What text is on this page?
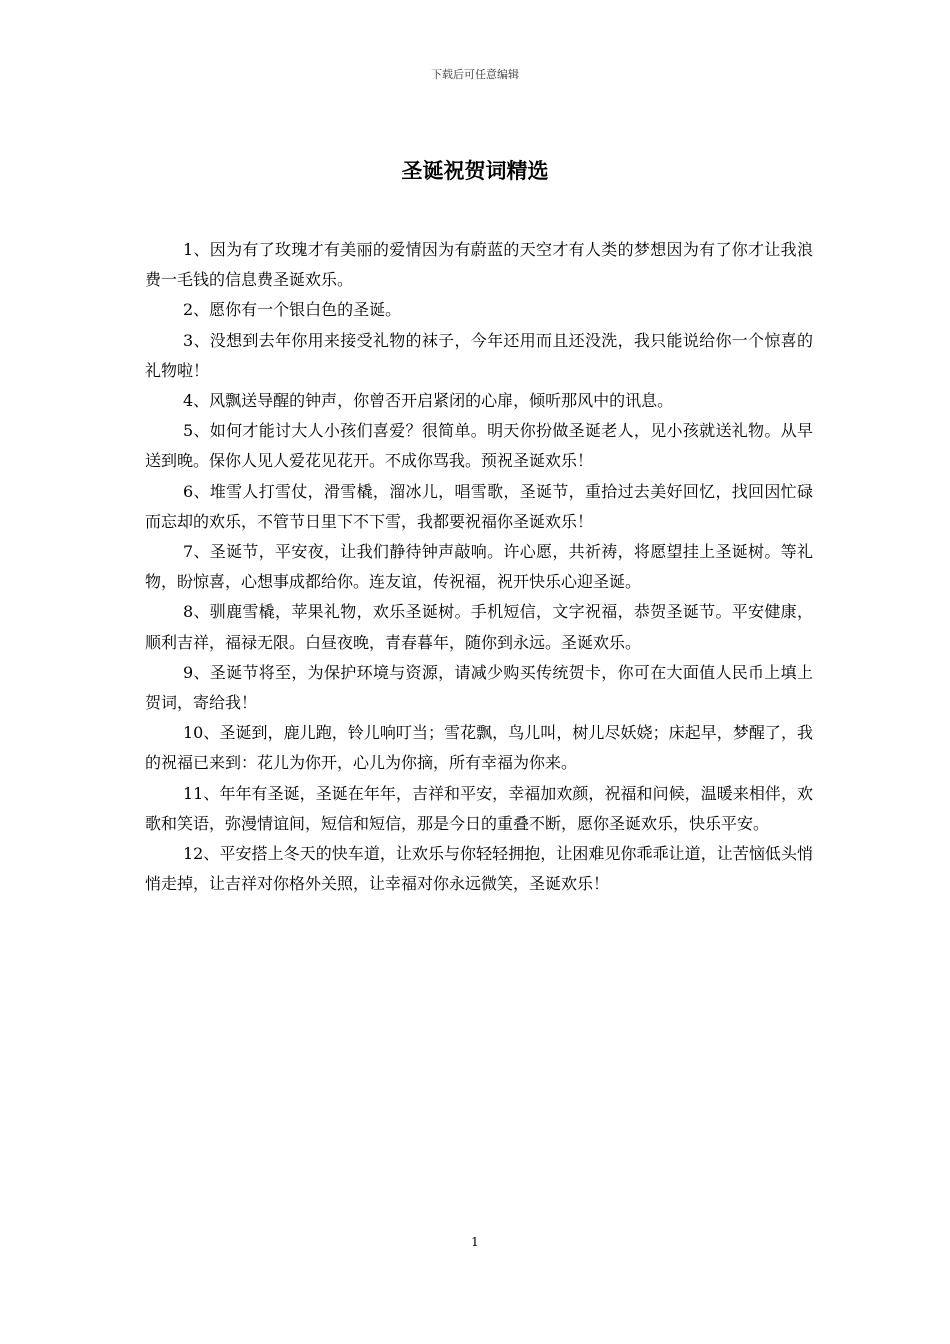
下载后可任意编辑
圣诞祝贺词精选

1、因为有了玫瑰才有美丽的爱情因为有蔚蓝的天空才有人类的梦想因为有了你才让我浪费一毛钱的信息费圣诞欢乐。

2、愿你有一个银白色的圣诞。

3、没想到去年你用来接受礼物的袜子，今年还用而且还没洗，我只能说给你一个惊喜的礼物啦！

4、风飘送导醒的钟声，你曾否开启紧闭的心扉，倾听那风中的讯息。

5、如何才能讨大人小孩们喜爱？很简单。明天你扮做圣诞老人，见小孩就送礼物。从早送到晚。保你人见人爱花见花开。不成你骂我。预祝圣诞欢乐！

6、堆雪人打雪仗，滑雪橇，溜冰儿，唱雪歌，圣诞节，重拾过去美好回忆，找回因忙碌而忘却的欢乐，不管节日里下不下雪，我都要祝福你圣诞欢乐！

7、圣诞节，平安夜，让我们静待钟声敲响。许心愿，共祈祷，将愿望挂上圣诞树。等礼物，盼惊喜，心想事成都给你。连友谊，传祝福，祝开快乐心迎圣诞。

8、驯鹿雪橇，苹果礼物，欢乐圣诞树。手机短信，文字祝福，恭贺圣诞节。平安健康，顺利吉祥，福禄无限。白昼夜晚，青春暮年，随你到永远。圣诞欢乐。

9、圣诞节将至，为保护环境与资源，请减少购买传统贺卡，你可在大面值人民币上填上贺词，寄给我！

10、圣诞到，鹿儿跑，铃儿响叮当；雪花飘，鸟儿叫，树儿尽妖娆；床起早，梦醒了，我的祝福已来到：花儿为你开，心儿为你摘，所有幸福为你来。

11、年年有圣诞，圣诞在年年，吉祥和平安，幸福加欢颜，祝福和问候，温暖来相伴，欢歌和笑语，弥漫情谊间，短信和短信，那是今日的重叠不断，愿你圣诞欢乐，快乐平安。

12、平安搭上冬天的快车道，让欢乐与你轻轻拥抱，让困难见你乖乖让道，让苦恼低头悄悄走掉，让吉祥对你格外关照，让幸福对你永远微笑，圣诞欢乐！

1
